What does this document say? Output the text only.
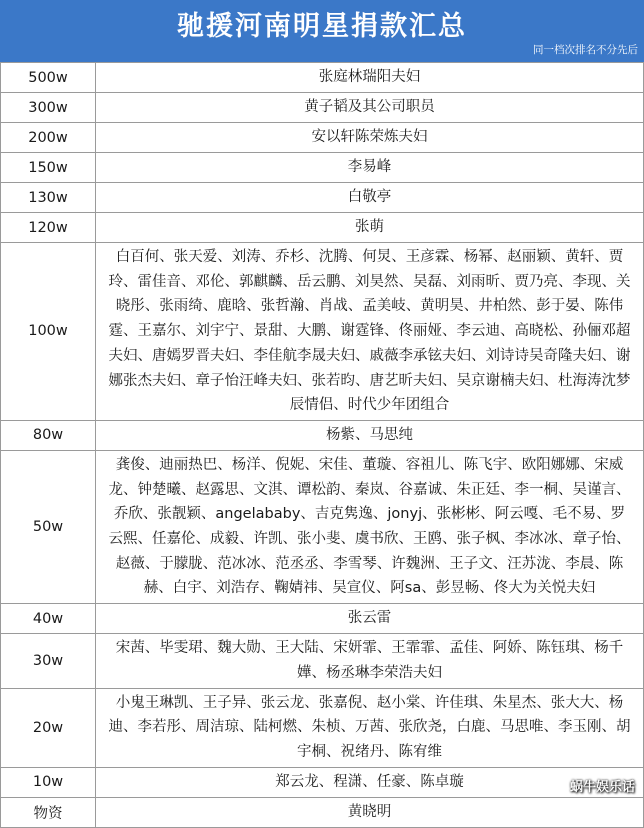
驰援河南明星捐款汇总
同一档次排名不分先后
500w	张庭林瑞阳夫妇
300w	黄子韬及其公司职员
200w	安以轩陈荣炼夫妇
150w	李易峰
130w	白敬亭
120w	张萌
100w	白百何、张天爱、刘涛、乔杉、沈腾、何炅、王彦霖、杨幂、赵丽颖、黄轩、贾玲、雷佳音、邓伦、郭麒麟、岳云鹏、刘昊然、吴磊、刘雨昕、贾乃亮、李现、关晓彤、张雨绮、鹿晗、张哲瀚、肖战、孟美岐、黄明昊、井柏然、彭于晏、陈伟霆、王嘉尔、刘宇宁、景甜、大鹏、谢霆锋、佟丽娅、李云迪、高晓松、孙俪邓超夫妇、唐嫣罗晋夫妇、李佳航李晟夫妇、戚薇李承铉夫妇、刘诗诗吴奇隆夫妇、谢娜张杰夫妇、章子怡汪峰夫妇、张若昀、唐艺昕夫妇、吴京谢楠夫妇、杜海涛沈梦辰情侣、时代少年团组合
80w	杨紫、马思纯
50w	龚俊、迪丽热巴、杨洋、倪妮、宋佳、董璇、容祖儿、陈飞宇、欧阳娜娜、宋威龙、钟楚曦、赵露思、文淇、谭松韵、秦岚、谷嘉诚、朱正廷、李一桐、吴谨言、乔欣、张靓颖、angelababy、吉克隽逸、jonyj、张彬彬、阿云嘎、毛不易、罗云熙、任嘉伦、成毅、许凯、张小斐、虞书欣、王鸥、张子枫、李冰冰、章子怡、赵薇、于朦胧、范冰冰、范丞丞、李雪琴、许魏洲、王子文、汪苏泷、李晨、陈赫、白宇、刘浩存、鞠婧祎、吴宣仪、阿sa、彭昱畅、佟大为关悦夫妇
40w	张云雷
30w	宋茜、毕雯珺、魏大勋、王大陆、宋妍霏、王霏霏、孟佳、阿娇、陈钰琪、杨千嬅、杨丞琳李荣浩夫妇
20w	小鬼王琳凯、王子异、张云龙、张嘉倪、赵小棠、许佳琪、朱星杰、张大大、杨迪、李若彤、周洁琼、陆柯燃、朱桢、万茜、张欣尧，白鹿、马思唯、李玉刚、胡宇桐、祝绪丹、陈宥维
10w	郑云龙、程潇、任豪、陈卓璇
物资	黄晓明
蜗牛娱乐话
